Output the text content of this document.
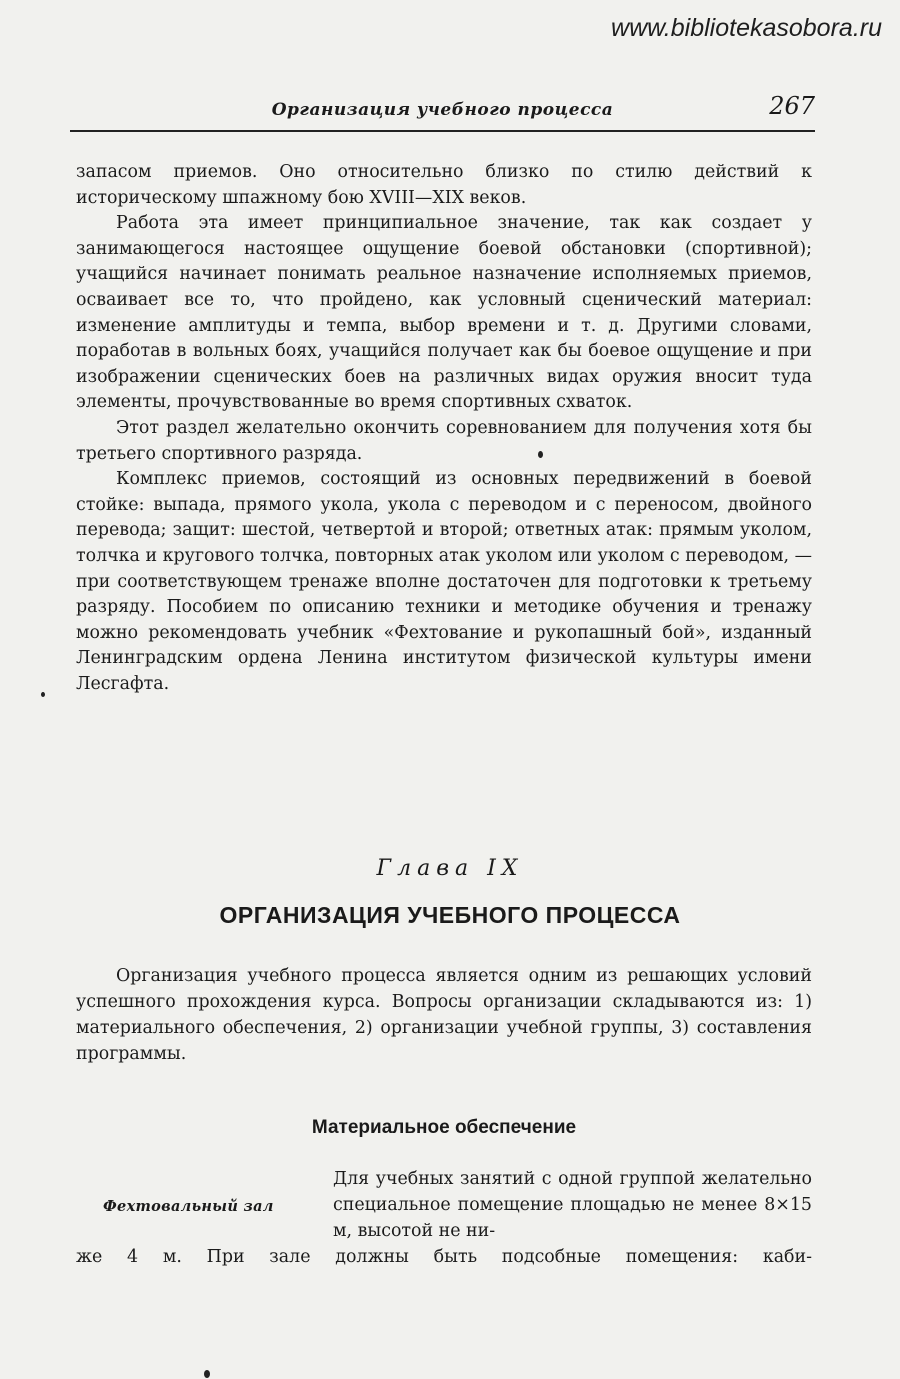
www.bibliotekasobora.ru
Организация учебного процесса	267

запасом приемов. Оно относительно близко по стилю действий к историческому шпажному бою XVIII—XIX веков.

Работа эта имеет принципиальное значение, так как создает у занимающегося настоящее ощущение боевой обстановки (спортивной); учащийся начинает понимать реальное назначение исполняемых приемов, осваивает все то, что пройдено, как условный сценический материал: изменение амплитуды и темпа, выбор времени и т. д. Другими словами, поработав в вольных боях, учащийся получает как бы боевое ощущение и при изображении сценических боев на различных видах оружия вносит туда элементы, прочувствованные во время спортивных схваток.

Этот раздел желательно окончить соревнованием для получения хотя бы третьего спортивного разряда.

Комплекс приемов, состоящий из основных передвижений в боевой стойке: выпада, прямого укола, укола с переводом и с переносом, двойного перевода; защит: шестой, четвертой и второй; ответных атак: прямым уколом, толчка и кругового толчка, повторных атак уколом или уколом с переводом, — при соответствующем тренаже вполне достаточен для подготовки к третьему разряду. Пособием по описанию техники и методике обучения и тренажу можно рекомендовать учебник «Фехтование и рукопашный бой», изданный Ленинградским ордена Ленина институтом физической культуры имени Лесгафта.

Глава IX
ОРГАНИЗАЦИЯ УЧЕБНОГО ПРОЦЕССА

Организация учебного процесса является одним из решающих условий успешного прохождения курса. Вопросы организации складываются из: 1) материального обеспечения, 2) организации учебной группы, 3) составления программы.

Материальное обеспечение
Фехтовальный зал

Для учебных занятий с одной группой желательно специальное помещение площадью не менее 8×15 м, высотой не ни-

же 4 м. При зале должны быть подсобные помещения: каби-
